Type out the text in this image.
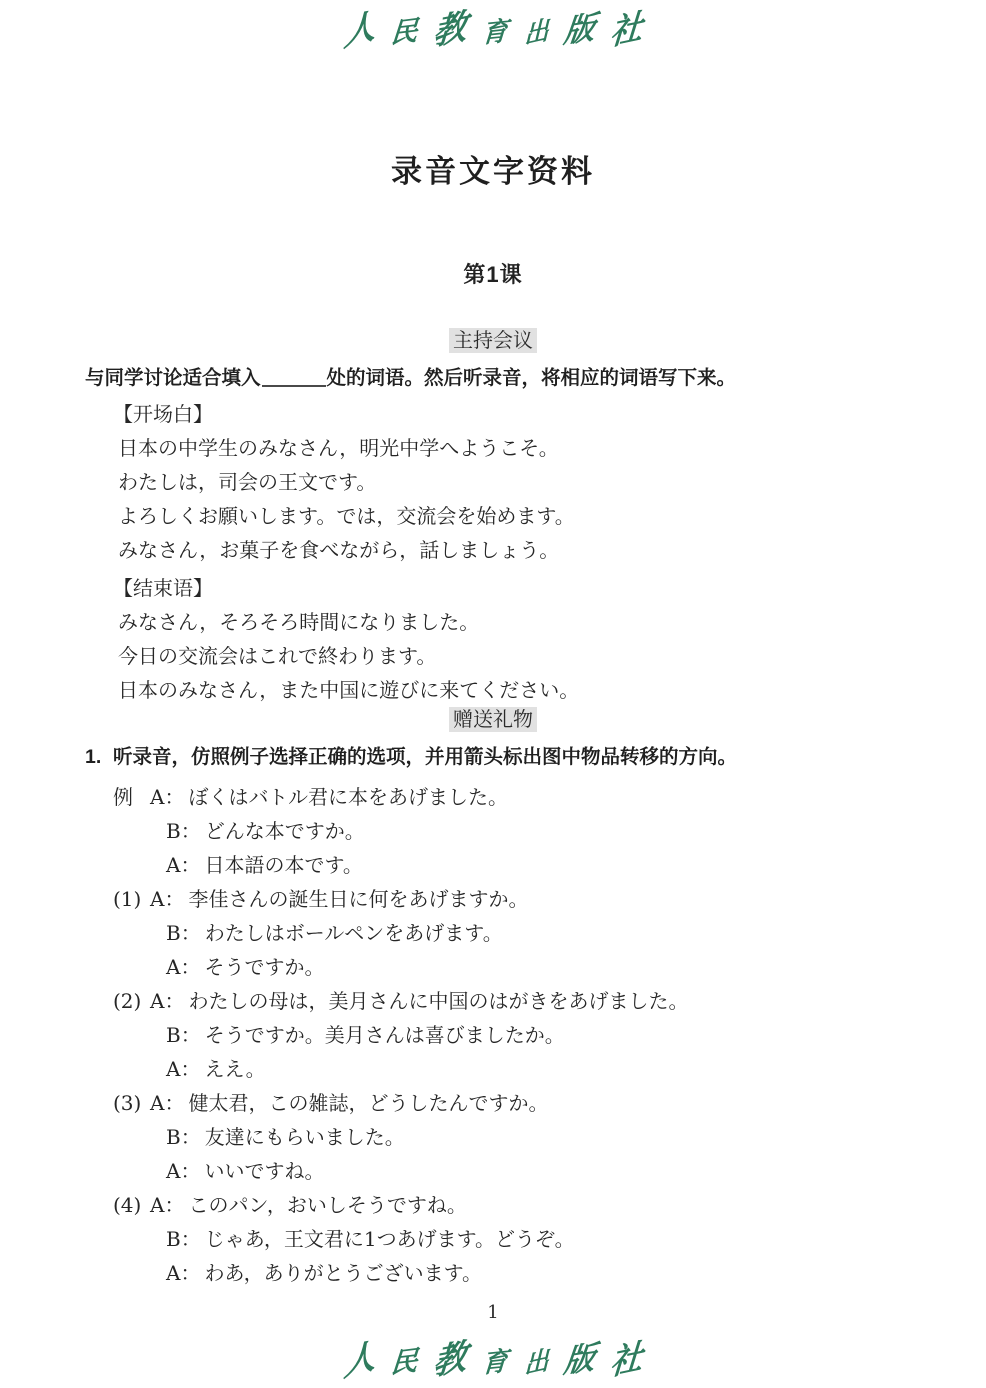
人 民 教 育 出 版 社
录音文字资料
第1课
主持会议

与同学讨论适合填入	处的词语。然后听录音，将相应的词语写下来。

【开场白】

日本の中学生のみなさん，明光中学へようこそ。
わたしは，司会の王文です。
よろしくお願いします。では，交流会を始めます。
みなさん，お菓子を食べながら，話しましょう。

【结束语】

みなさん，そろそろ時間になりました。
今日の交流会はこれで終わります。
日本のみなさん，また中国に遊びに来てください。
赠送礼物

1. 听录音，仿照例子选择正确的选项，并用箭头标出图中物品转移的方向。

例 A： ぼくはバトル君に本をあげました。
B： どんな本ですか。
A： 日本語の本です。
(1) A： 李佳さんの誕生日に何をあげますか。
B： わたしはボールペンをあげます。
A： そうですか。
(2) A： わたしの母は，美月さんに中国のはがきをあげました。
B： そうですか。美月さんは喜びましたか。
A： ええ。
(3) A： 健太君，この雑誌，どうしたんですか。
B： 友達にもらいました。
A： いいですね。
(4) A： このパン，おいしそうですね。
B： じゃあ，王文君に1つあげます。どうぞ。
A： わあ，ありがとうございます。
1
人 民 教 育 出 版 社
